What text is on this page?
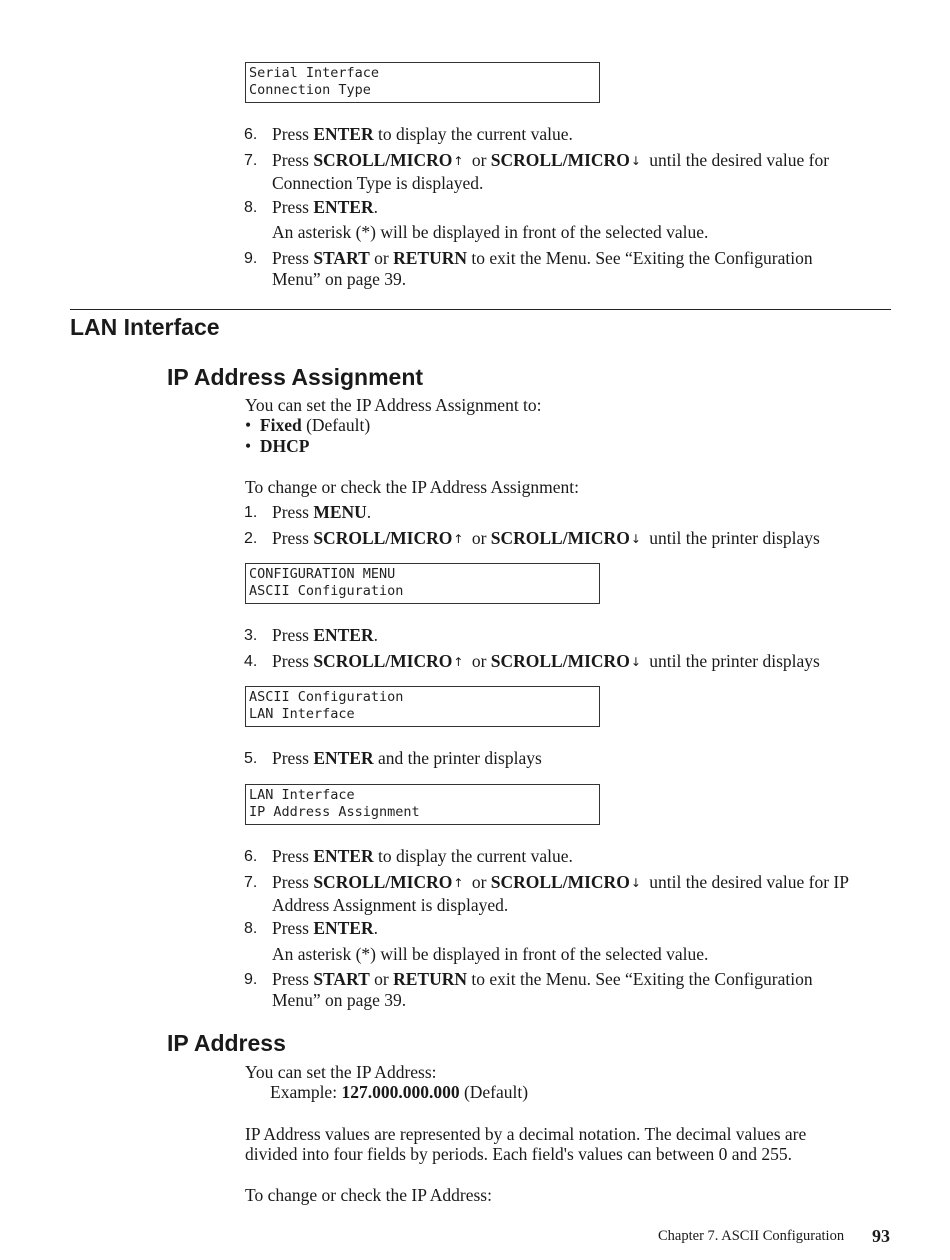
Serial Interface
Connection Type
6. Press ENTER to display the current value.
7. Press SCROLL/MICRO↑ or SCROLL/MICRO↓ until the desired value for
Connection Type is displayed.
8. Press ENTER.
An asterisk (*) will be displayed in front of the selected value.
9. Press START or RETURN to exit the Menu. See “Exiting the Configuration
Menu” on page 39.
LAN Interface
IP Address Assignment
You can set the IP Address Assignment to:
• Fixed (Default)
• DHCP
To change or check the IP Address Assignment:
1. Press MENU.
2. Press SCROLL/MICRO↑ or SCROLL/MICRO↓ until the printer displays
CONFIGURATION MENU
ASCII Configuration
3. Press ENTER.
4. Press SCROLL/MICRO↑ or SCROLL/MICRO↓ until the printer displays
ASCII Configuration
LAN Interface
5. Press ENTER and the printer displays
LAN Interface
IP Address Assignment
6. Press ENTER to display the current value.
7. Press SCROLL/MICRO↑ or SCROLL/MICRO↓ until the desired value for IP
Address Assignment is displayed.
8. Press ENTER.
An asterisk (*) will be displayed in front of the selected value.
9. Press START or RETURN to exit the Menu. See “Exiting the Configuration
Menu” on page 39.
IP Address
You can set the IP Address:
Example: 127.000.000.000 (Default)
IP Address values are represented by a decimal notation. The decimal values are
divided into four fields by periods. Each field's values can between 0 and 255.
To change or check the IP Address:
Chapter 7. ASCII Configuration 93
